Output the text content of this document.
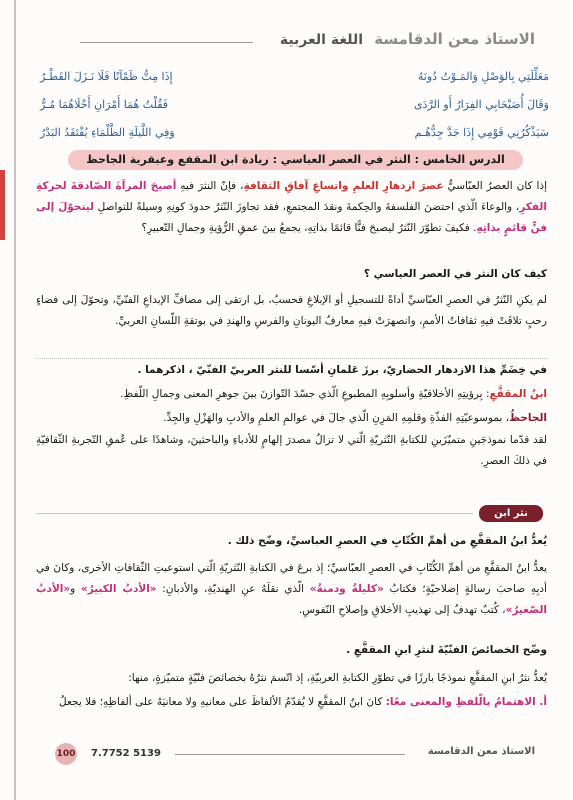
الاستاذ معن الدقامسة
اللغة العربية
مَعَلِّلَتِي بِالوَصْلِ وَالمَـوْتُ دُونَهُ
وَقَالَ أُصَيْحَابِي الفِرَارُ أَو الرَّدَى
سَيَذْكُرُنِي قَوْمِي إِذَا جَدَّ جِدُّهُـم
إِذَا مِتُّ ظَمْآنًا فَلَا نَـزَلَ القَطْـرُ
فَقُلْتُ هُمَا أَمْرَانِ أَحْلَاهُمَا مُـرُّ
وَفِي اللَّيلَةِ الظَّلْمَاءِ يُفْتَقَدُ البَدْرُ
الدرس الخامس : النثر في العصر العباسي : ريادة ابن المقفع وعبقرية الجاحظ
إذا كان العصرُ العبّاسيُّ عصرَ ازدهارِ العلمِ واتساعِ آفاقِ الثقافةِ، فإنّ النثرَ فيهِ أصبحَ المرآةَ الصّادقةَ لحركةِ الفكرِ، والوعاءَ الّذي احتضنَ الفلسفةَ والحِكمةَ ونقدَ المجتمعِ، فقد تجاوزَ النّثرُ حدودَ كونِهِ وسيلةً للتواصلِ ليتحوّلَ إلى فنٍّ قائمٍ بذاتِهِ. فكيفَ تطوّرَ النّثرُ ليصبحَ فنًّا قائمًا بذاتِهِ، يجمعُ بينَ عمقِ الرُّؤيةِ وجمالِ التّعبيرِ؟
كيف كان النثر في العصر العباسي ؟
لم يكنِ النّثرُ في العصرِ العبّاسيِّ أداةً للتسجيلِ أو الإبلاغِ فحسبُ، بل ارتقى إلى مصافِّ الإبداعِ الفنّيِّ، وتحوّلَ إلى فضاءٍ رحبٍ تلاقَتْ فيهِ ثقافاتُ الأممِ، وانصهرَتْ فيهِ معارفُ اليونانِ والفرسِ والهندِ في بوتقةِ اللّسانِ العربيِّ.
في خِضَمِّ هذا الازدهار الحضاريّ، برزَ عَلمانِ أسّسا للنثر العربيّ الفنّيّ ، اذكرهما .
ابنُ المقفَّعِ: بِرؤيتِهِ الأخلاقيّةِ وأسلوبِهِ المطبوعِ الّذي جسّدَ التّوازنَ بينَ جوهرِ المعنى وجمالِ اللّفظِ.
الجاحظُ، بموسوعيّتِهِ الفذّةِ وقلمِهِ المَرِنِ الّذي جالَ في عوالمِ العلمِ والأدبِ والهَزْلِ والجِدِّ.
لقد قدّما نموذجَينِ متميّزَينِ للكتابةِ النّثريّةِ الّتي لا تزالُ مصدرَ إلهامٍ للأدباءِ والباحثينَ، وشاهدًا على عُمقِ التّجربةِ الثّقافيّةِ في ذلكَ العصرِ.
نثر ابن المقفع
يُعدُّ ابنُ المقفَّعِ من أهمِّ الكُتّابِ في العصرِ العباسيِّ، وضّح ذلك .
يعدُّ ابنُ المقفَّعِ من أهمِّ الكُتّابِ في العصرِ العبّاسيِّ؛ إذ برعَ في الكتابةِ النّثريّةِ الّتي استوعبتِ الثّقافاتِ الأخرى، وكانَ في أدبِهِ صاحبَ رسالةٍ إصلاحيّةٍ؛ فكتابُ «كليلةُ ودمنةُ» الّذي نقلَهُ عنِ الهنديّةِ، والأدبانِ: «الأدبُ الكبيرُ» و«الأدبُ الصّغيرُ»، كُتبٌ تهدفُ إلى تهذيبِ الأخلاقِ وإصلاحِ النّفوسِ.
وضّح الخصائصَ الفنّيّةَ لنثرِ ابنِ المقفَّعِ .
يُعدُّ نثرُ ابنِ المقفَّعِ نموذجًا بارزًا في تطوّرِ الكتابةِ العربيّةِ، إذ اتّسمَ نثرُهُ بخصائصَ فنّيّةٍ متميّزةٍ، منها:
أ. الاهتمامُ بالّلفظِ والمعنى معًا: كانَ ابنُ المقفَّعِ لا يُقدّمُ الألفاظَ على معانيهِ ولا معانيَهُ على ألفاظِهِ؛ فلا يجعلُ
100 7.7752 5139	الاستاذ معن الدقامسة
